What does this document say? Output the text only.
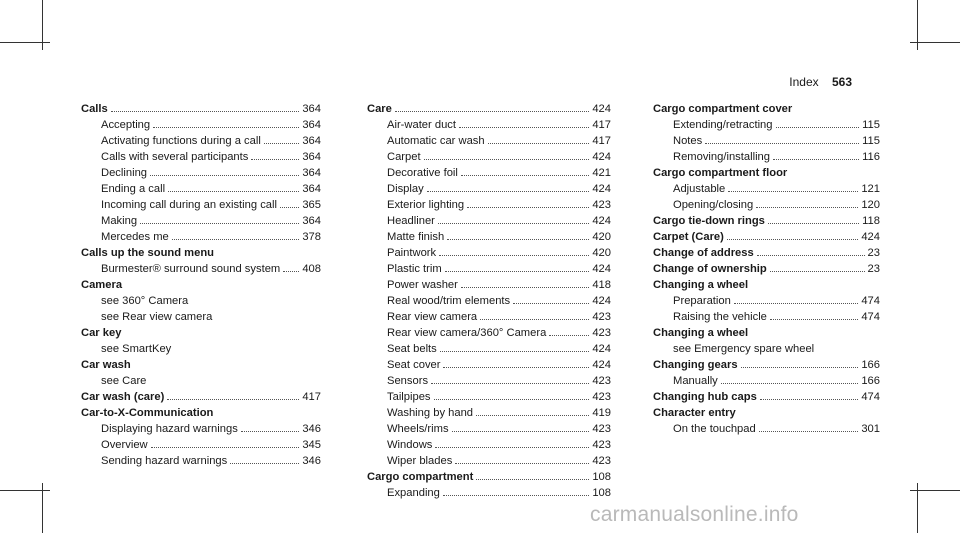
Index 563
Calls	364
Accepting	364
Activating functions during a call	364
Calls with several participants	364
Declining	364
Ending a call	364
Incoming call during an existing call 365
Making	364
Mercedes me	378
Calls up the sound menu
Burmester® surround sound system 408
Camera
see 360° Camera
see Rear view camera
Car key
see SmartKey
Car wash
see Care
Car wash (care)	417
Car-to-X-Communication
Displaying hazard warnings	346
Overview	345
Sending hazard warnings	346
Care	424
Air-water duct	417
Automatic car wash	417
Carpet	424
Decorative foil	421
Display	424
Exterior lighting	423
Headliner	424
Matte finish	420
Paintwork	420
Plastic trim	424
Power washer	418
Real wood/trim elements	424
Rear view camera	423
Rear view camera/360° Camera	423
Seat belts	424
Seat cover	424
Sensors	423
Tailpipes	423
Washing by hand	419
Wheels/rims	423
Windows	423
Wiper blades	423
Cargo compartment	108
Expanding	108
Cargo compartment cover
Extending/retracting	115
Notes	115
Removing/installing	116
Cargo compartment floor
Adjustable	121
Opening/closing	120
Cargo tie-down rings	118
Carpet (Care)	424
Change of address	23
Change of ownership	23
Changing a wheel
Preparation	474
Raising the vehicle	474
Changing a wheel
see Emergency spare wheel
Changing gears	166
Manually	166
Changing hub caps	474
Character entry
On the touchpad	301
carmanualsonline.info
